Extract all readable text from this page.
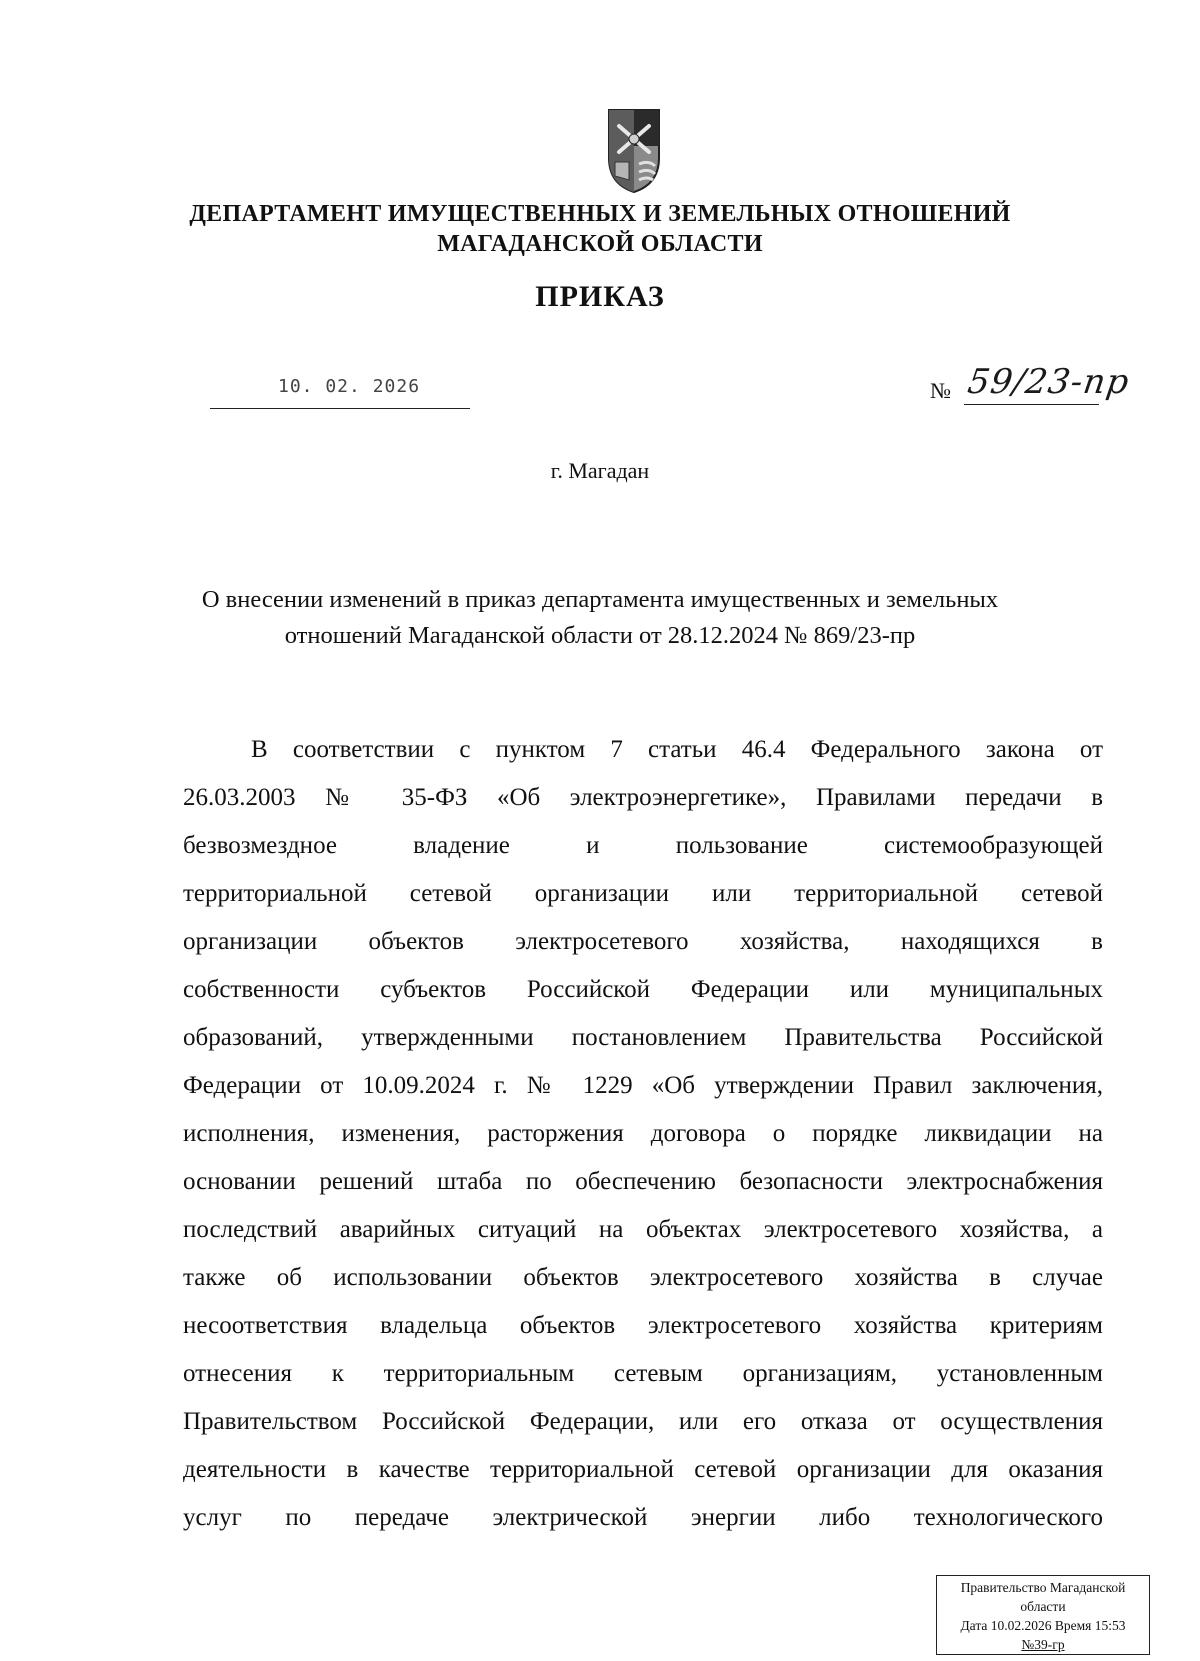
ДЕПАРТАМЕНТ ИМУЩЕСТВЕННЫХ И ЗЕМЕЛЬНЫХ ОТНОШЕНИЙ
МАГАДАНСКОЙ ОБЛАСТИ
ПРИКАЗ
10. 02. 2026	№ 59/23-пр
г. Магадан
О внесении изменений в приказ департамента имущественных и земельных
отношений Магаданской области от 28.12.2024 № 869/23-пр
В соответствии с пунктом 7 статьи 46.4 Федерального закона от
26.03.2003 № 35-ФЗ «Об электроэнергетике», Правилами передачи в
безвозмездное владение и пользование системообразующей
территориальной сетевой организации или территориальной сетевой
организации объектов электросетевого хозяйства, находящихся в
собственности субъектов Российской Федерации или муниципальных
образований, утвержденными постановлением Правительства Российской
Федерации от 10.09.2024 г. № 1229 «Об утверждении Правил заключения,
исполнения, изменения, расторжения договора о порядке ликвидации на
основании решений штаба по обеспечению безопасности электроснабжения
последствий аварийных ситуаций на объектах электросетевого хозяйства, а
также об использовании объектов электросетевого хозяйства в случае
несоответствия владельца объектов электросетевого хозяйства критериям
отнесения к территориальным сетевым организациям, установленным
Правительством Российской Федерации, или его отказа от осуществления
деятельности в качестве территориальной сетевой организации для оказания
услуг по передаче электрической энергии либо технологического
Правительство Магаданской
области
Дата 10.02.2026 Время 15:53
№39-гр
